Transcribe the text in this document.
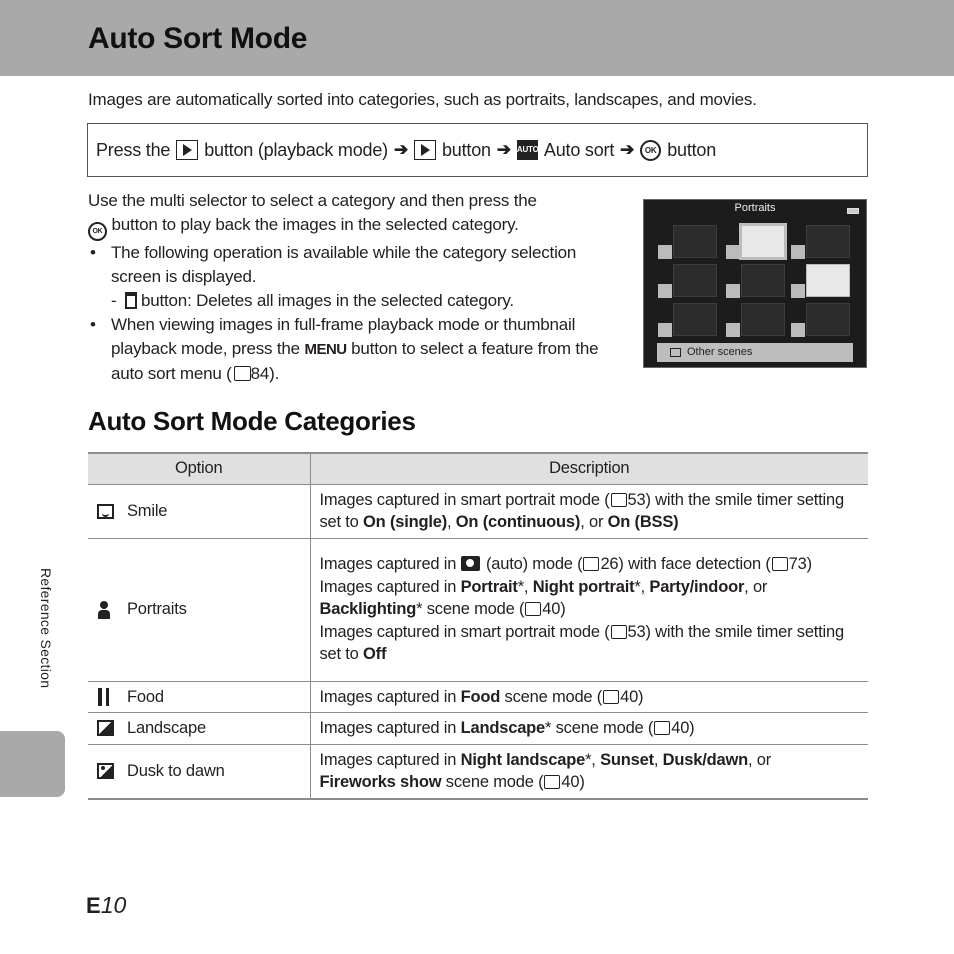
Auto Sort Mode
Images are automatically sorted into categories, such as portraits, landscapes, and movies.
Press the button (playback mode) ➔ button ➔ AUTO Auto sort ➔	OK button

Use the multi selector to select a category and then press the
OK button to play back the images in the selected category.

• The following operation is available while the category selection screen is displayed.
- button: Deletes all images in the selected category.
• When viewing images in full-frame playback mode or thumbnail playback mode, press the MENU button to select a feature from the auto sort menu ( 84).
Portraits
Other scenes
Auto Sort Mode Categories
Option	Description

Smile	Images captured in smart portrait mode ( 53) with the smile timer setting set to On (single), On (continuous), or On (BSS)

Portraits	Images captured in  (auto) mode ( 26) with face detection ( 73)
Images captured in Portrait*, Night portrait*, Party/indoor, or Backlighting* scene mode ( 40)
Images captured in smart portrait mode ( 53) with the smile timer setting set to Off

Food	Images captured in Food scene mode ( 40)

Landscape	Images captured in Landscape* scene mode ( 40)

Dusk to dawn	Images captured in Night landscape*, Sunset, Dusk/dawn, or
Fireworks show scene mode ( 40)
Reference Section
E 10
